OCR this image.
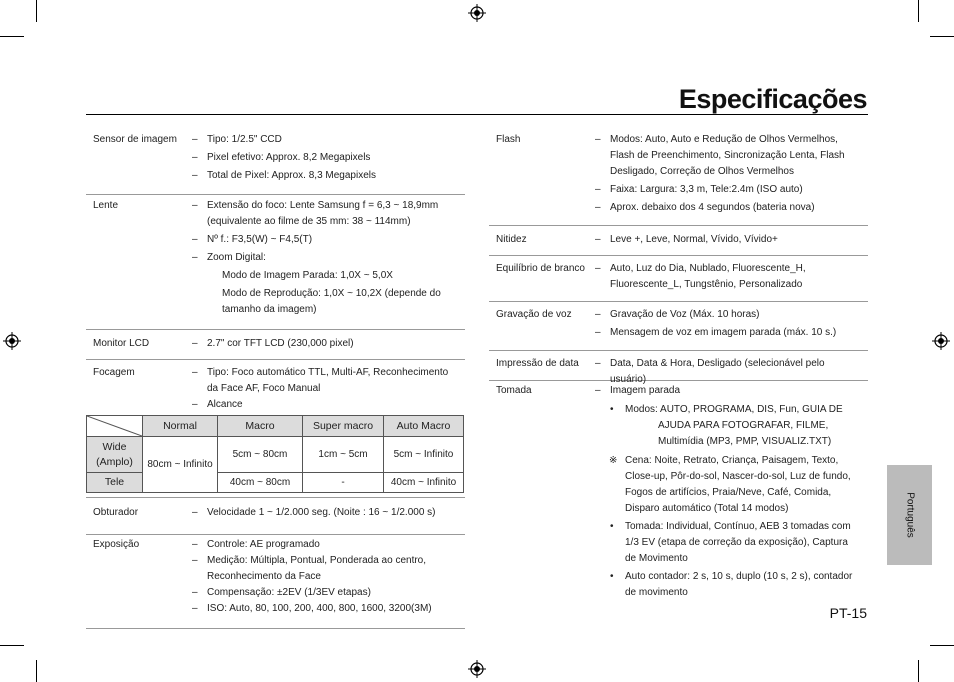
Especificações
Sensor de imagem – Tipo: 1/2.5" CCD
– Pixel efetivo: Approx. 8,2 Megapixels
– Total de Pixel: Approx. 8,3 Megapixels
Lente	– Extensão do foco: Lente Samsung f = 6,3 ~ 18,9mm (equivalente ao filme de 35 mm: 38 ~ 114mm)
– Nº f.: F3,5(W) ~ F4,5(T)
– Zoom Digital:
Modo de Imagem Parada: 1,0X ~ 5,0X
Modo de Reprodução: 1,0X ~ 10,2X (depende do tamanho da imagem)
Monitor LCD	– 2.7" cor TFT LCD (230,000 pixel)
Focagem	– Tipo: Foco automático TTL, Multi-AF, Reconhecimento da Face AF, Foco Manual
– Alcance
	Normal	Macro	Super macro	Auto Macro
Wide (Amplo)	80cm ~ Infinito	5cm ~ 80cm	1cm ~ 5cm	5cm ~ Infinito
Tele		40cm ~ 80cm	-	40cm ~ Infinito
Obturador	– Velocidade 1 ~ 1/2.000 seg. (Noite : 16 ~ 1/2.000 s)
Exposição	– Controle: AE programado
– Medição: Múltipla, Pontual, Ponderada ao centro, Reconhecimento da Face
– Compensação: ±2EV (1/3EV etapas)
– ISO: Auto, 80, 100, 200, 400, 800, 1600, 3200(3M)
Flash	– Modos: Auto, Auto e Redução de Olhos Vermelhos, Flash de Preenchimento, Sincronização Lenta, Flash Desligado, Correção de Olhos Vermelhos
– Faixa: Largura: 3,3 m, Tele:2.4m (ISO auto)
– Aprox. debaixo dos 4 segundos (bateria nova)
Nitidez	– Leve +, Leve, Normal, Vívido, Vívido+
Equilíbrio de branco – Auto, Luz do Dia, Nublado, Fluorescente_H, Fluorescente_L, Tungstênio, Personalizado
Gravação de voz – Gravação de Voz (Máx. 10 horas)
– Mensagem de voz em imagem parada (máx. 10 s.)
Impressão de data – Data, Data & Hora, Desligado (selecionável pelo usuário)
Tomada	– Imagem parada
• Modos: AUTO, PROGRAMA, DIS, Fun, GUIA DE
AJUDA PARA FOTOGRAFAR, FILME,
Multimídia (MP3, PMP, VISUALIZ.TXT)
※ Cena: Noite, Retrato, Criança, Paisagem, Texto, Close-up, Pôr-do-sol, Nascer-do-sol, Luz de fundo, Fogos de artifícios, Praia/Neve, Café, Comida, Disparo automático (Total 14 modos)
• Tomada: Individual, Contínuo, AEB 3 tomadas com 1/3 EV (etapa de correção da exposição), Captura de Movimento
• Auto contador: 2 s, 10 s, duplo (10 s, 2 s), contador de movimento
Português
PT-15
